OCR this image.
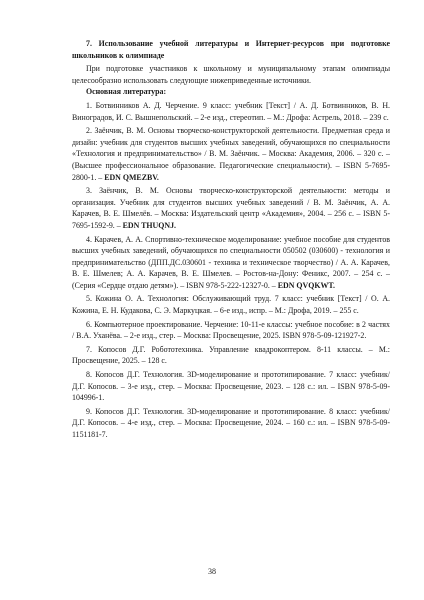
7. Использование учебной литературы и Интернет-ресурсов при подготовке школьников к олимпиаде

При подготовке участников к школьному и муниципальному этапам олимпиады целесообразно использовать следующие нижеприведенные источники.

Основная литература:

1. Ботвинников А. Д. Черчение. 9 класс: учебник [Текст] / А. Д. Ботвинников, В. Н. Виноградов, И. С. Вышнепольский. – 2-е изд., стереотип. – М.: Дрофа: Астрель, 2018. – 239 с.

2. Заёнчик, В. М. Основы творческо-конструкторской деятельности. Предметная среда и дизайн: учебник для студентов высших учебных заведений, обучающихся по специальности «Технология и предпринимательство» / В. М. Заёнчик. – Москва: Академия, 2006. – 320 с. – (Высшее профессиональное образование. Педагогические специальности). – ISBN 5-7695-2800-1. – EDN QMEZBV.

3. Заёнчик, В. М. Основы творческо-конструкторской деятельности: методы и организация. Учебник для студентов высших учебных заведений / В. М. Заёнчик, А. А. Карачев, В. Е. Шмелёв. – Москва: Издательский центр «Академия», 2004. – 256 с. – ISBN 5-7695-1592-9. – EDN THUQNJ.

4. Карачев, А. А. Спортивно-техническое моделирование: учебное пособие для студентов высших учебных заведений, обучающихся по специальности 050502 (030600) - технология и предпринимательство (ДПП.ДС.030601 - техника и техническое творчество) / А. А. Карачев, В. Е. Шмелев; А. А. Карачев, В. Е. Шмелев. – Ростов-на-Дону: Феникс, 2007. – 254 с. – (Серия «Сердце отдаю детям»). – ISBN 978-5-222-12327-0. – EDN QVQKWT.

5. Кожина О. А. Технология: Обслуживающий труд. 7 класс: учебник [Текст] / О. А. Кожина, Е. Н. Кудакова, С. Э. Маркуцкая. – 6-е изд., испр. – М.: Дрофа, 2019. – 255 с.

6. Компьютерное проектирование. Черчение: 10-11-е классы: учебное пособие: в 2 частях / В.А. Уханёва. – 2-е изд., стер. – Москва: Просвещение, 2025. ISBN 978-5-09-121927-2.

7. Копосов Д.Г. Робототехника. Управление квадрокоптером. 8-11 классы. – М.: Просвещение, 2025. – 128 с.

8. Копосов Д.Г. Технология. 3D-моделирование и прототипирование. 7 класс: учебник/Д.Г. Копосов. – 3-е изд., стер. – Москва: Просвещение, 2023. – 128 с.: ил. – ISBN 978-5-09-104996-1.

9. Копосов Д.Г. Технология. 3D-моделирование и прототипирование. 8 класс: учебник/Д.Г. Копосов. – 4-е изд., стер. – Москва: Просвещение, 2024. – 160 с.: ил. – ISBN 978-5-09-1151181-7.

38
